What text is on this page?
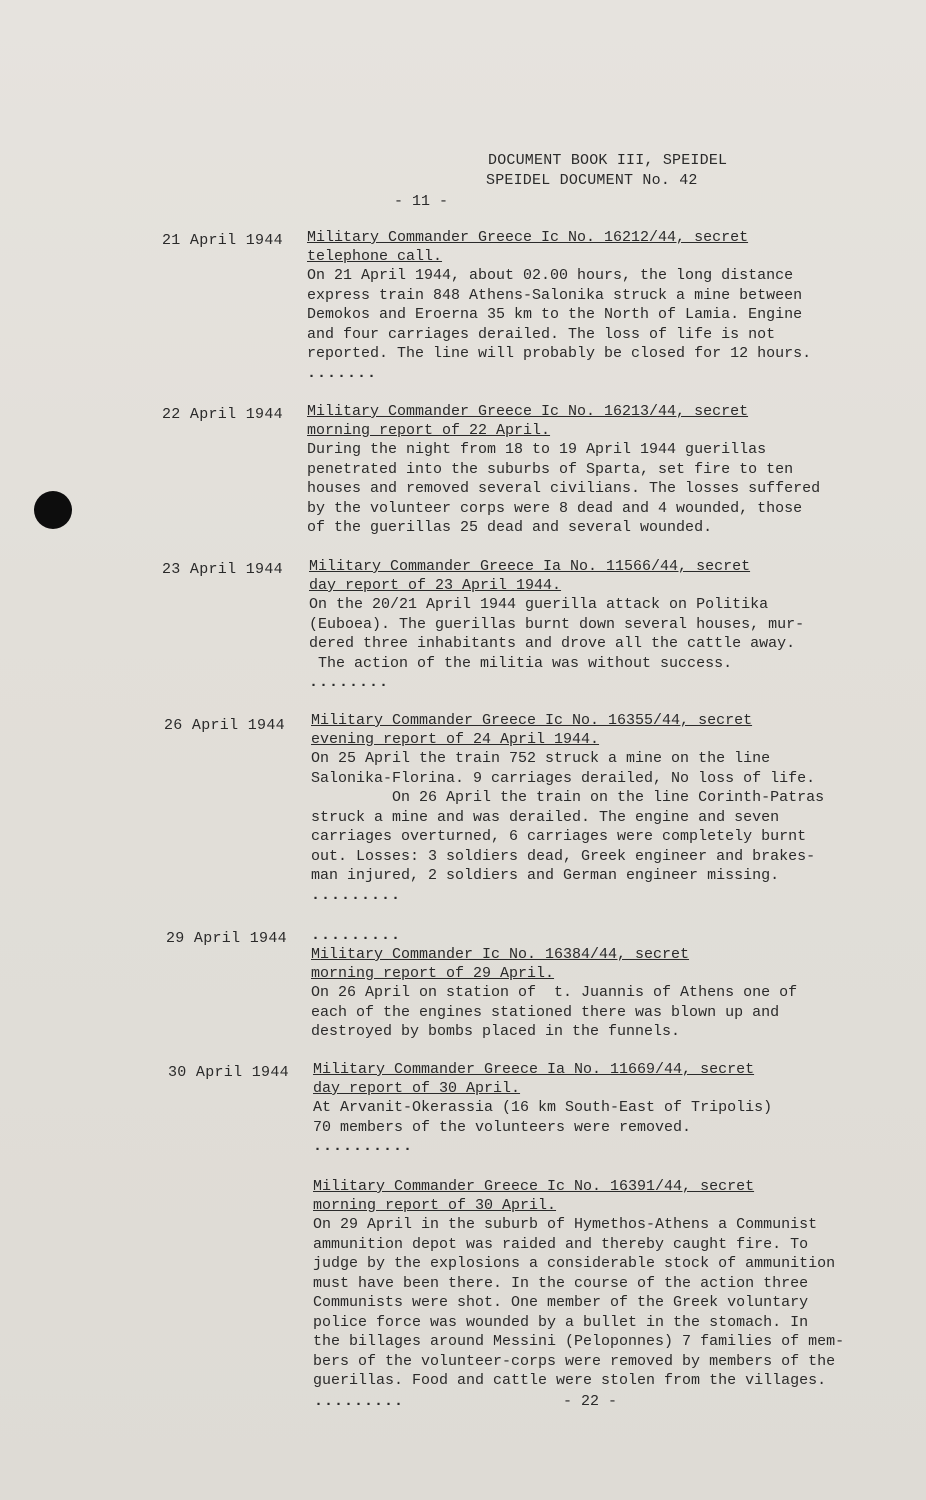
DOCUMENT BOOK III, SPEIDEL
SPEIDEL DOCUMENT No. 42
- 11 -
21 April 1944 Military Commander Greece Ic No. 16212/44, secret
telephone call.
On 21 April 1944, about 02.00 hours, the long distance
express train 848 Athens-Salonika struck a mine between
Demokos and Eroerna 35 km to the North of Lamia. Engine
and four carriages derailed. The loss of life is not
reported. The line will probably be closed for 12 hours.
.......
22 April 1944 Military Commander Greece Ic No. 16213/44, secret
morning report of 22 April.
During the night from 18 to 19 April 1944 guerillas
penetrated into the suburbs of Sparta, set fire to ten
houses and removed several civilians. The losses suffered
by the volunteer corps were 8 dead and 4 wounded, those
of the guerillas 25 dead and several wounded.
23 April 1944 Military Commander Greece Ia No. 11566/44, secret
day report of 23 April 1944.
On the 20/21 April 1944 guerilla attack on Politika
(Euboea). The guerillas burnt down several houses, mur-
dered three inhabitants and drove all the cattle away.
The action of the militia was without success.
........
26 April 1944 Military Commander Greece Ic No. 16355/44, secret
evening report of 24 April 1944.
On 25 April the train 752 struck a mine on the line
Salonika-Florina. 9 carriages derailed, No loss of life.
On 26 April the train on the line Corinth-Patras
struck a mine and was derailed. The engine and seven
carriages overturned, 6 carriages were completely burnt
out. Losses: 3 soldiers dead, Greek engineer and brakes-
man injured, 2 soldiers and German engineer missing.
.........
29 April 1944 .........
Military Commander Ic No. 16384/44, secret
morning report of 29 April.
On 26 April on station of  t. Juannis of Athens one of
each of the engines stationed there was blown up and
destroyed by bombs placed in the funnels.
30 April 1944 Military Commander Greece Ia No. 11669/44, secret
day report of 30 April.
At Arvanit-Okerassia (16 km South-East of Tripolis)
70 members of the volunteers were removed.
..........
Military Commander Greece Ic No. 16391/44, secret
morning report of 30 April.
On 29 April in the suburb of Hymethos-Athens a Communist
ammunition depot was raided and thereby caught fire. To
judge by the explosions a considerable stock of ammunition
must have been there. In the course of the action three
Communists were shot. One member of the Greek voluntary
police force was wounded by a bullet in the stomach. In
the billages around Messini (Peloponnes) 7 families of mem-
bers of the volunteer-corps were removed by members of the
guerillas. Food and cattle were stolen from the villages.
.........	- 22 -
